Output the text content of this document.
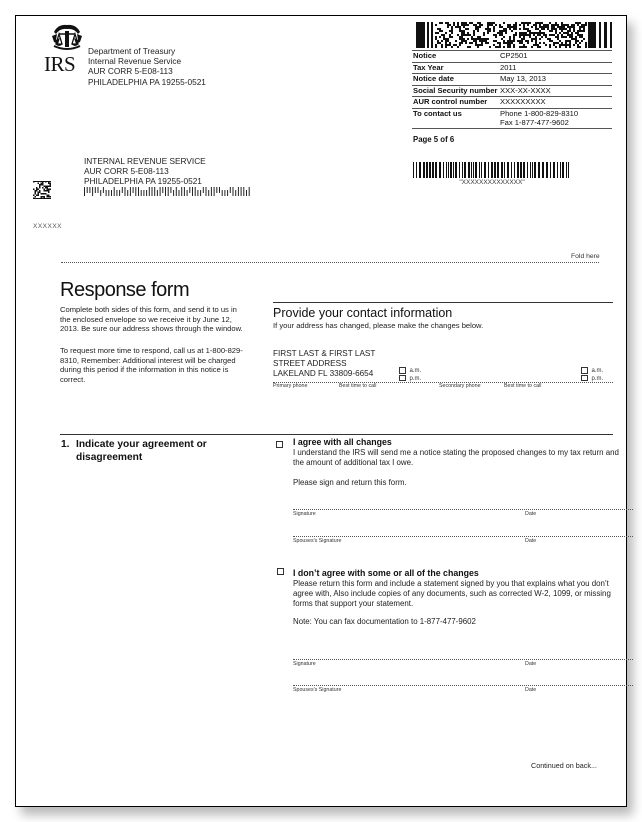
IRS
Department of Treasury
Internal Revenue Service
AUR CORR 5-E08-113
PHILADELPHIA PA 19255-0521
Notice	CP2501
Tax Year	2011
Notice date	May 13, 2013
Social Security number	XXX-XX-XXXX
AUR control number	XXXXXXXXX
To contact us	Phone 1-800-829-8310
Fax 1-877-477-9602
Page 5 of 6
"XXXXXXXXXXXXXX"
INTERNAL REVENUE SERVICE
AUR CORR 5-E08-113
PHILADELPHIA PA 19255-0521
XXXXXX
Fold here
Response form
Complete both sides of this form, and send it to us in the enclosed envelope so we receive it by June 12, 2013. Be sure our address shows through the window.
To request more time to respond, call us at 1-800-829-8310, Remember: Additional interest will be charged during this period if the information in this notice is correct.
Provide your contact information
If your address has changed, please make the changes below.
FIRST LAST & FIRST LAST
STREET ADDRESS
LAKELAND FL 33809-6654	a.m.
p.m.
a.m.
p.m.
Primary phone	Best time to call	Secondary phone	Best time to call
1. Indicate your agreement or disagreement
I agree with all changes
I understand the IRS will send me a notice stating the proposed changes to my tax return and the amount of additional tax I owe.
Please sign and return this form.
Signature	Date
Spouses's Signature	Date
I don’t agree with some or all of the changes
Please return this form and include a statement signed by you that explains what you don’t agree with, Also include copies of any documents, such as corrected W-2, 1099, or missing forms that support your statement.
Note: You can fax documentation to 1-877-477-9602
Signature	Date
Spouses's Signature	Date
Continued on back...
